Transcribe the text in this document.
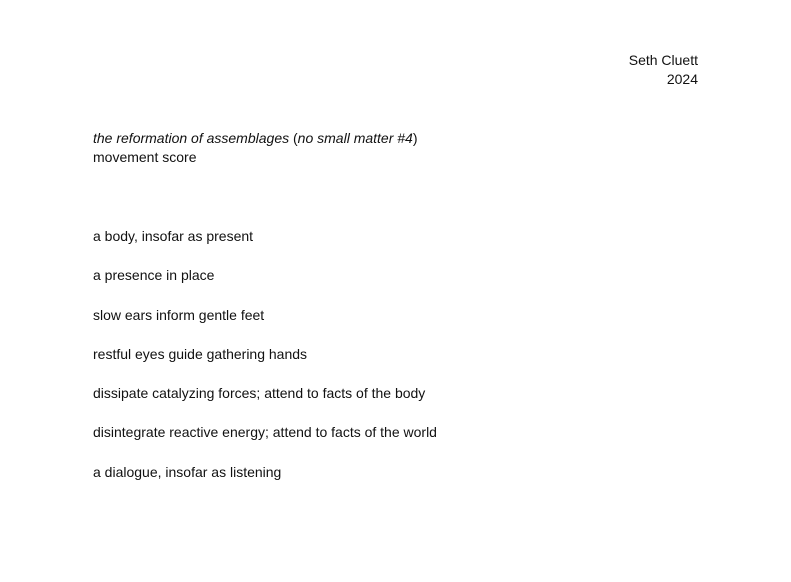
Seth Cluett
2024
the reformation of assemblages (no small matter #4)
movement score
a body, insofar as present
a presence in place
slow ears inform gentle feet
restful eyes guide gathering hands
dissipate catalyzing forces; attend to facts of the body
disintegrate reactive energy; attend to facts of the world
a dialogue, insofar as listening
